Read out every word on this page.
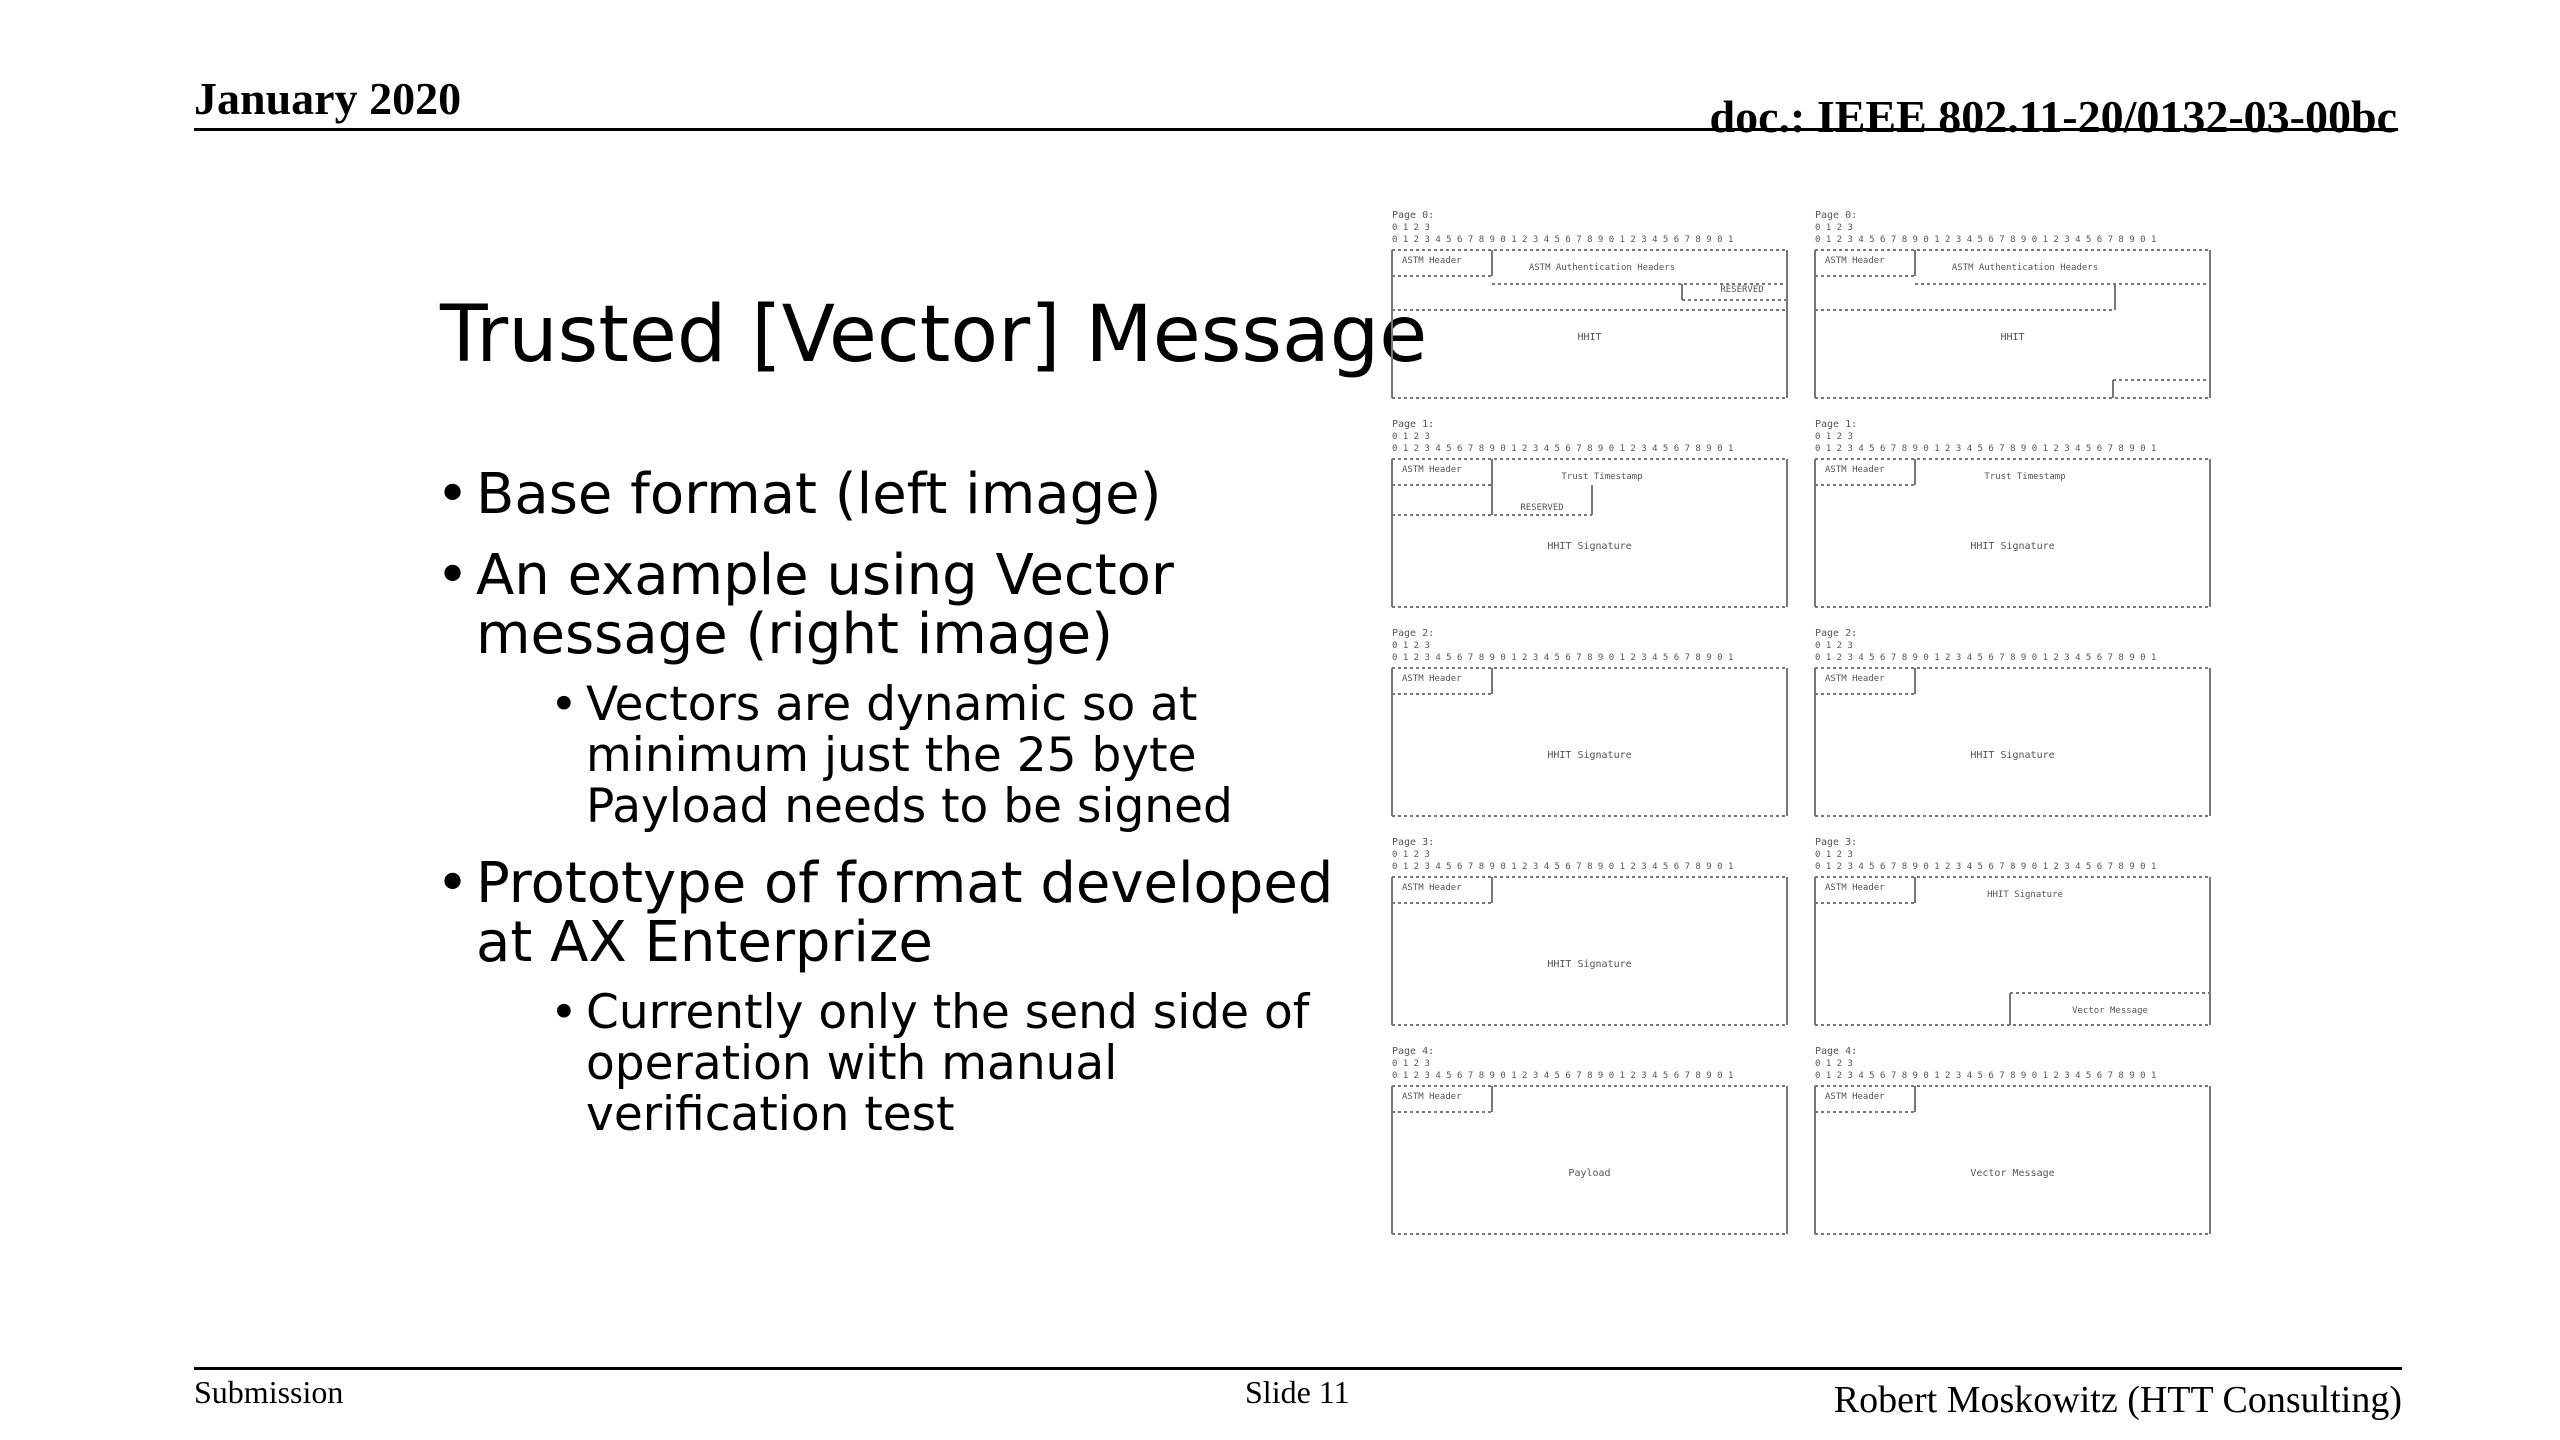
January 2020	doc.: IEEE 802.11-20/0132-03-00bc
Trusted [Vector] Message
• Base format (left image)
• An example using Vector message (right image)
• Vectors are dynamic so at minimum just the 25 byte Payload needs to be signed
• Prototype of format developed at AX Enterprize
• Currently only the send side of operation with manual verification test
Page 0:
0 1 2 3
0 1 2 3 4 5 6 7 8 9 0 1 2 3 4 5 6 7 8 9 0 1 2 3 4 5 6 7 8 9 0 1
ASTM Header
ASTM Authentication Headers
RESERVED
HHIT
Page 1:
0 1 2 3
0 1 2 3 4 5 6 7 8 9 0 1 2 3 4 5 6 7 8 9 0 1 2 3 4 5 6 7 8 9 0 1
ASTM Header
Trust Timestamp
RESERVED
HHIT Signature
Page 2:
0 1 2 3
0 1 2 3 4 5 6 7 8 9 0 1 2 3 4 5 6 7 8 9 0 1 2 3 4 5 6 7 8 9 0 1
ASTM Header
HHIT Signature
Page 3:
0 1 2 3
0 1 2 3 4 5 6 7 8 9 0 1 2 3 4 5 6 7 8 9 0 1 2 3 4 5 6 7 8 9 0 1
ASTM Header
HHIT Signature
Page 4:
0 1 2 3
0 1 2 3 4 5 6 7 8 9 0 1 2 3 4 5 6 7 8 9 0 1 2 3 4 5 6 7 8 9 0 1
ASTM Header
Payload
Page 0:
0 1 2 3
0 1 2 3 4 5 6 7 8 9 0 1 2 3 4 5 6 7 8 9 0 1 2 3 4 5 6 7 8 9 0 1
ASTM Header
ASTM Authentication Headers
HHIT
Page 1:
0 1 2 3
0 1 2 3 4 5 6 7 8 9 0 1 2 3 4 5 6 7 8 9 0 1 2 3 4 5 6 7 8 9 0 1
ASTM Header
Trust Timestamp
HHIT Signature
Page 2:
0 1 2 3
0 1 2 3 4 5 6 7 8 9 0 1 2 3 4 5 6 7 8 9 0 1 2 3 4 5 6 7 8 9 0 1
ASTM Header
HHIT Signature
Page 3:
0 1 2 3
0 1 2 3 4 5 6 7 8 9 0 1 2 3 4 5 6 7 8 9 0 1 2 3 4 5 6 7 8 9 0 1
ASTM Header
HHIT Signature
Vector Message
Page 4:
0 1 2 3
0 1 2 3 4 5 6 7 8 9 0 1 2 3 4 5 6 7 8 9 0 1 2 3 4 5 6 7 8 9 0 1
ASTM Header
Vector Message
Submission	Slide 11	Robert Moskowitz (HTT Consulting)
